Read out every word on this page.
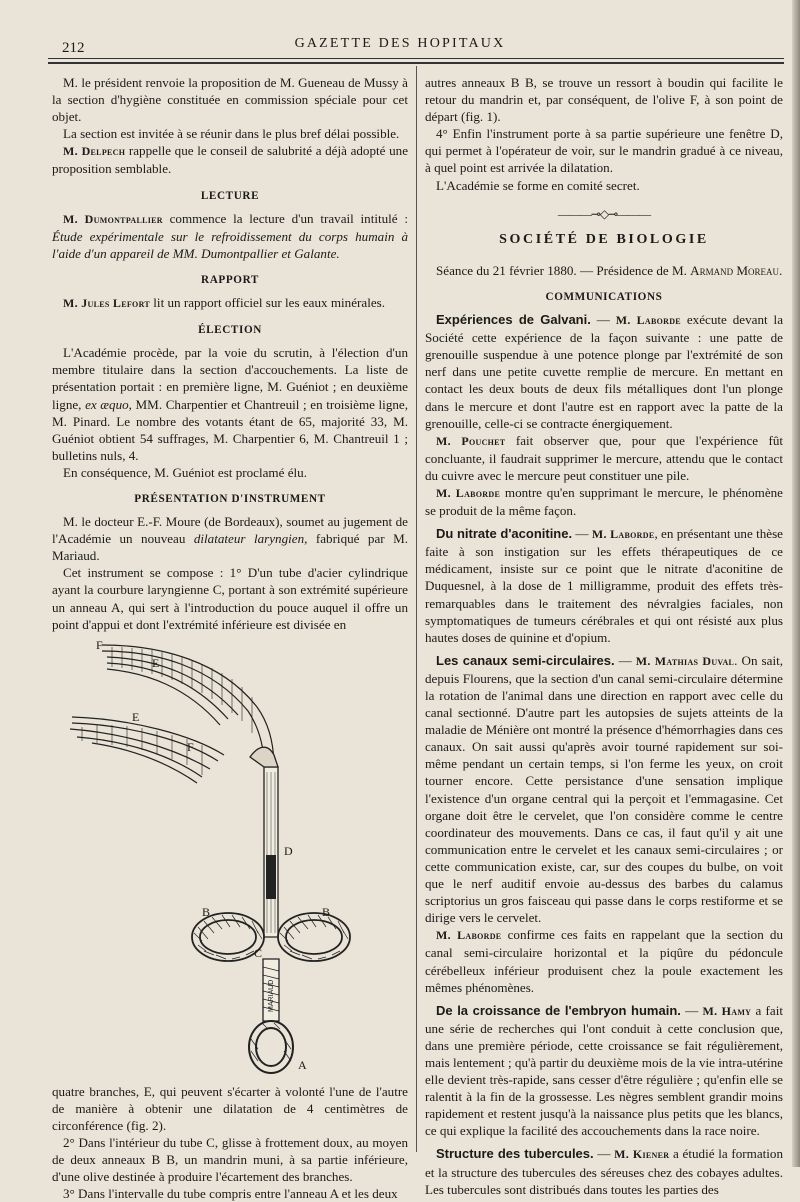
212	GAZETTE DES HOPITAUX

M. le président renvoie la proposition de M. Gueneau de Mussy à la section d'hygiène constituée en commission spéciale pour cet objet.

La section est invitée à se réunir dans le plus bref délai possible.

M. Delpech rappelle que le conseil de salubrité a déjà adopté une proposition semblable.

LECTURE

M. Dumontpallier commence la lecture d'un travail intitulé : Étude expérimentale sur le refroidissement du corps humain à l'aide d'un appareil de MM. Dumontpallier et Galante.

RAPPORT

M. Jules Lefort lit un rapport officiel sur les eaux minérales.

ÉLECTION

L'Académie procède, par la voie du scrutin, à l'élection d'un membre titulaire dans la section d'accouchements. La liste de présentation portait : en première ligne, M. Guéniot ; en deuxième ligne, ex æquo, MM. Charpentier et Chantreuil ; en troisième ligne, M. Pinard. Le nombre des votants étant de 65, majorité 33, M. Guéniot obtient 54 suffrages, M. Charpentier 6, M. Chantreuil 1 ; bulletins nuls, 4.

En conséquence, M. Guéniot est proclamé élu.

PRÉSENTATION D'INSTRUMENT

M. le docteur E.-F. Moure (de Bordeaux), soumet au jugement de l'Académie un nouveau dilatateur laryngien, fabriqué par M. Mariaud.

Cet instrument se compose : 1° D'un tube d'acier cylindrique ayant la courbure laryngienne C, portant à son extrémité supérieure un anneau A, qui sert à l'introduction du pouce auquel il offre un point d'appui et dont l'extrémité inférieure est divisée en

MARIAUD
F
E
E
F
D
B	B
C
A

quatre branches, E, qui peuvent s'écarter à volonté l'une de l'autre de manière à obtenir une dilatation de 4 centimètres de circonférence (fig. 2).

2° Dans l'intérieur du tube C, glisse à frottement doux, au moyen de deux anneaux B B, un mandrin muni, à sa partie inférieure, d'une olive destinée à produire l'écartement des branches.

3° Dans l'intervalle du tube compris entre l'anneau A et les deux

autres anneaux B B, se trouve un ressort à boudin qui facilite le retour du mandrin et, par conséquent, de l'olive F, à son point de départ (fig. 1).

4° Enfin l'instrument porte à sa partie supérieure une fenêtre D, qui permet à l'opérateur de voir, sur le mandrin gradué à ce niveau, à quel point est arrivée la dilatation.

L'Académie se forme en comité secret.

———⊸◇⊸———
SOCIÉTÉ DE BIOLOGIE

Séance du 21 février 1880. — Présidence de M. Armand Moreau.

COMMUNICATIONS

Expériences de Galvani. — M. Laborde exécute devant la Société cette expérience de la façon suivante : une patte de grenouille suspendue à une potence plonge par l'extrémité de son nerf dans une petite cuvette remplie de mercure. En mettant en contact les deux bouts de deux fils métalliques dont l'un plonge dans le mercure et dont l'autre est en rapport avec la patte de la grenouille, celle-ci se contracte énergiquement.

M. Pouchet fait observer que, pour que l'expérience fût concluante, il faudrait supprimer le mercure, attendu que le contact du cuivre avec le mercure peut constituer une pile.

M. Laborde montre qu'en supprimant le mercure, le phénomène se produit de la même façon.

Du nitrate d'aconitine. — M. Laborde, en présentant une thèse faite à son instigation sur les effets thérapeutiques de ce médicament, insiste sur ce point que le nitrate d'aconitine de Duquesnel, à la dose de 1 milligramme, produit des effets très-remarquables dans le traitement des névralgies faciales, non symptomatiques de tumeurs cérébrales et qui ont résisté aux plus hautes doses de quinine et d'opium.

Les canaux semi-circulaires. — M. Mathias Duval. On sait, depuis Flourens, que la section d'un canal semi-circulaire détermine la rotation de l'animal dans une direction en rapport avec celle du canal sectionné. D'autre part les autopsies de sujets atteints de la maladie de Ménière ont montré la présence d'hémorrhagies dans ces canaux. On sait aussi qu'après avoir tourné rapidement sur soi-même pendant un certain temps, si l'on ferme les yeux, on croit tourner encore. Cette persistance d'une sensation implique l'existence d'un organe central qui la perçoit et l'emmagasine. Cet organe doit être le cervelet, que l'on considère comme le centre coordinateur des mouvements. Dans ce cas, il faut qu'il y ait une communication entre le cervelet et les canaux semi-circulaires ; or cette communication existe, car, sur des coupes du bulbe, on voit que le nerf auditif envoie au-dessus des barbes du calamus scriptorius un gros faisceau qui passe dans le corps restiforme et se dirige vers le cervelet.

M. Laborde confirme ces faits en rappelant que la section du canal semi-circulaire horizontal et la piqûre du pédoncule cérébelleux inférieur produisent chez la poule exactement les mêmes phénomènes.

De la croissance de l'embryon humain. — M. Hamy a fait une série de recherches qui l'ont conduit à cette conclusion que, dans une première période, cette croissance se fait régulièrement, mais lentement ; qu'à partir du deuxième mois de la vie intra-utérine elle devient très-rapide, sans cesser d'être régulière ; qu'enfin elle se ralentit à la fin de la grossesse. Les nègres semblent grandir moins rapidement et restent jusqu'à la naissance plus petits que les blancs, ce qui explique la facilité des accouchements dans la race noire.

Structure des tubercules. — M. Kiener a étudié la formation et la structure des tubercules des séreuses chez des cobayes adultes. Les tubercules sont distribués dans toutes les parties des
